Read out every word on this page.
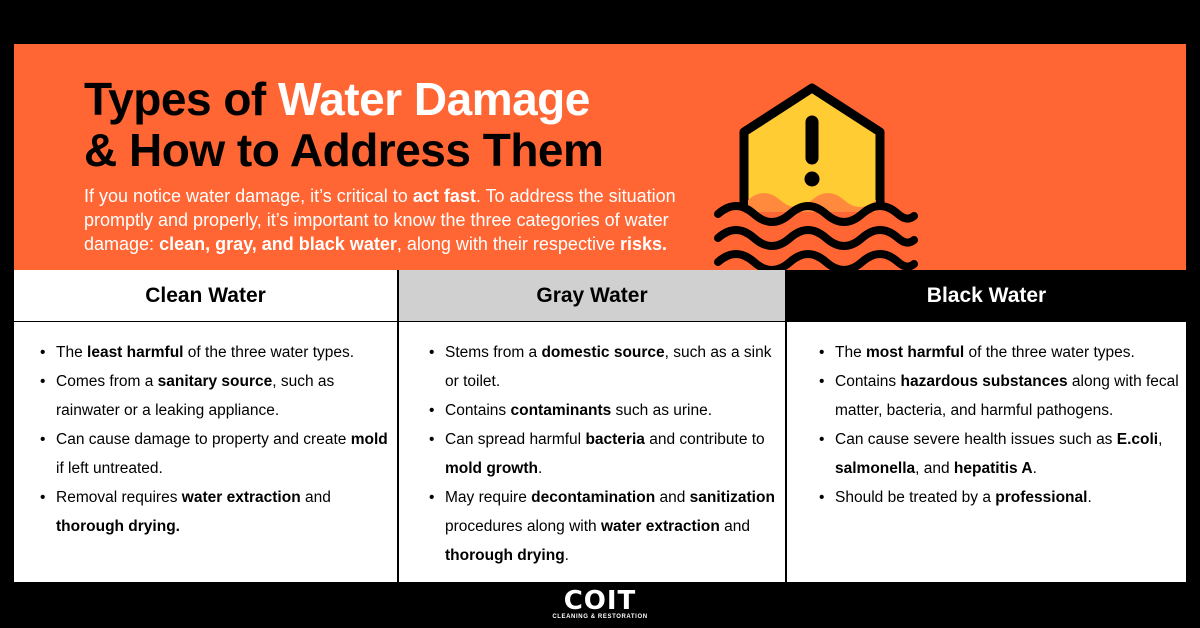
Types of Water Damage
& How to Address Them

If you notice water damage, it’s critical to act fast. To address the situation promptly and properly, it’s important to know the three categories of water damage: clean, gray, and black water, along with their respective risks.

Clean Water
• The least harmful of the three water types.
• Comes from a sanitary source, such as rainwater or a leaking appliance.
• Can cause damage to property and create mold if left untreated.
• Removal requires water extraction and thorough drying.
Gray Water
• Stems from a domestic source, such as a sink or toilet.
• Contains contaminants such as urine.
• Can spread harmful bacteria and contribute to mold growth.
• May require decontamination and sanitization procedures along with water extraction and thorough drying.
Black Water
• The most harmful of the three water types.
• Contains hazardous substances along with fecal matter, bacteria, and harmful pathogens.
• Can cause severe health issues such as E.coli, salmonella, and hepatitis A.
• Should be treated by a professional.
COIT
CLEANING & RESTORATION
